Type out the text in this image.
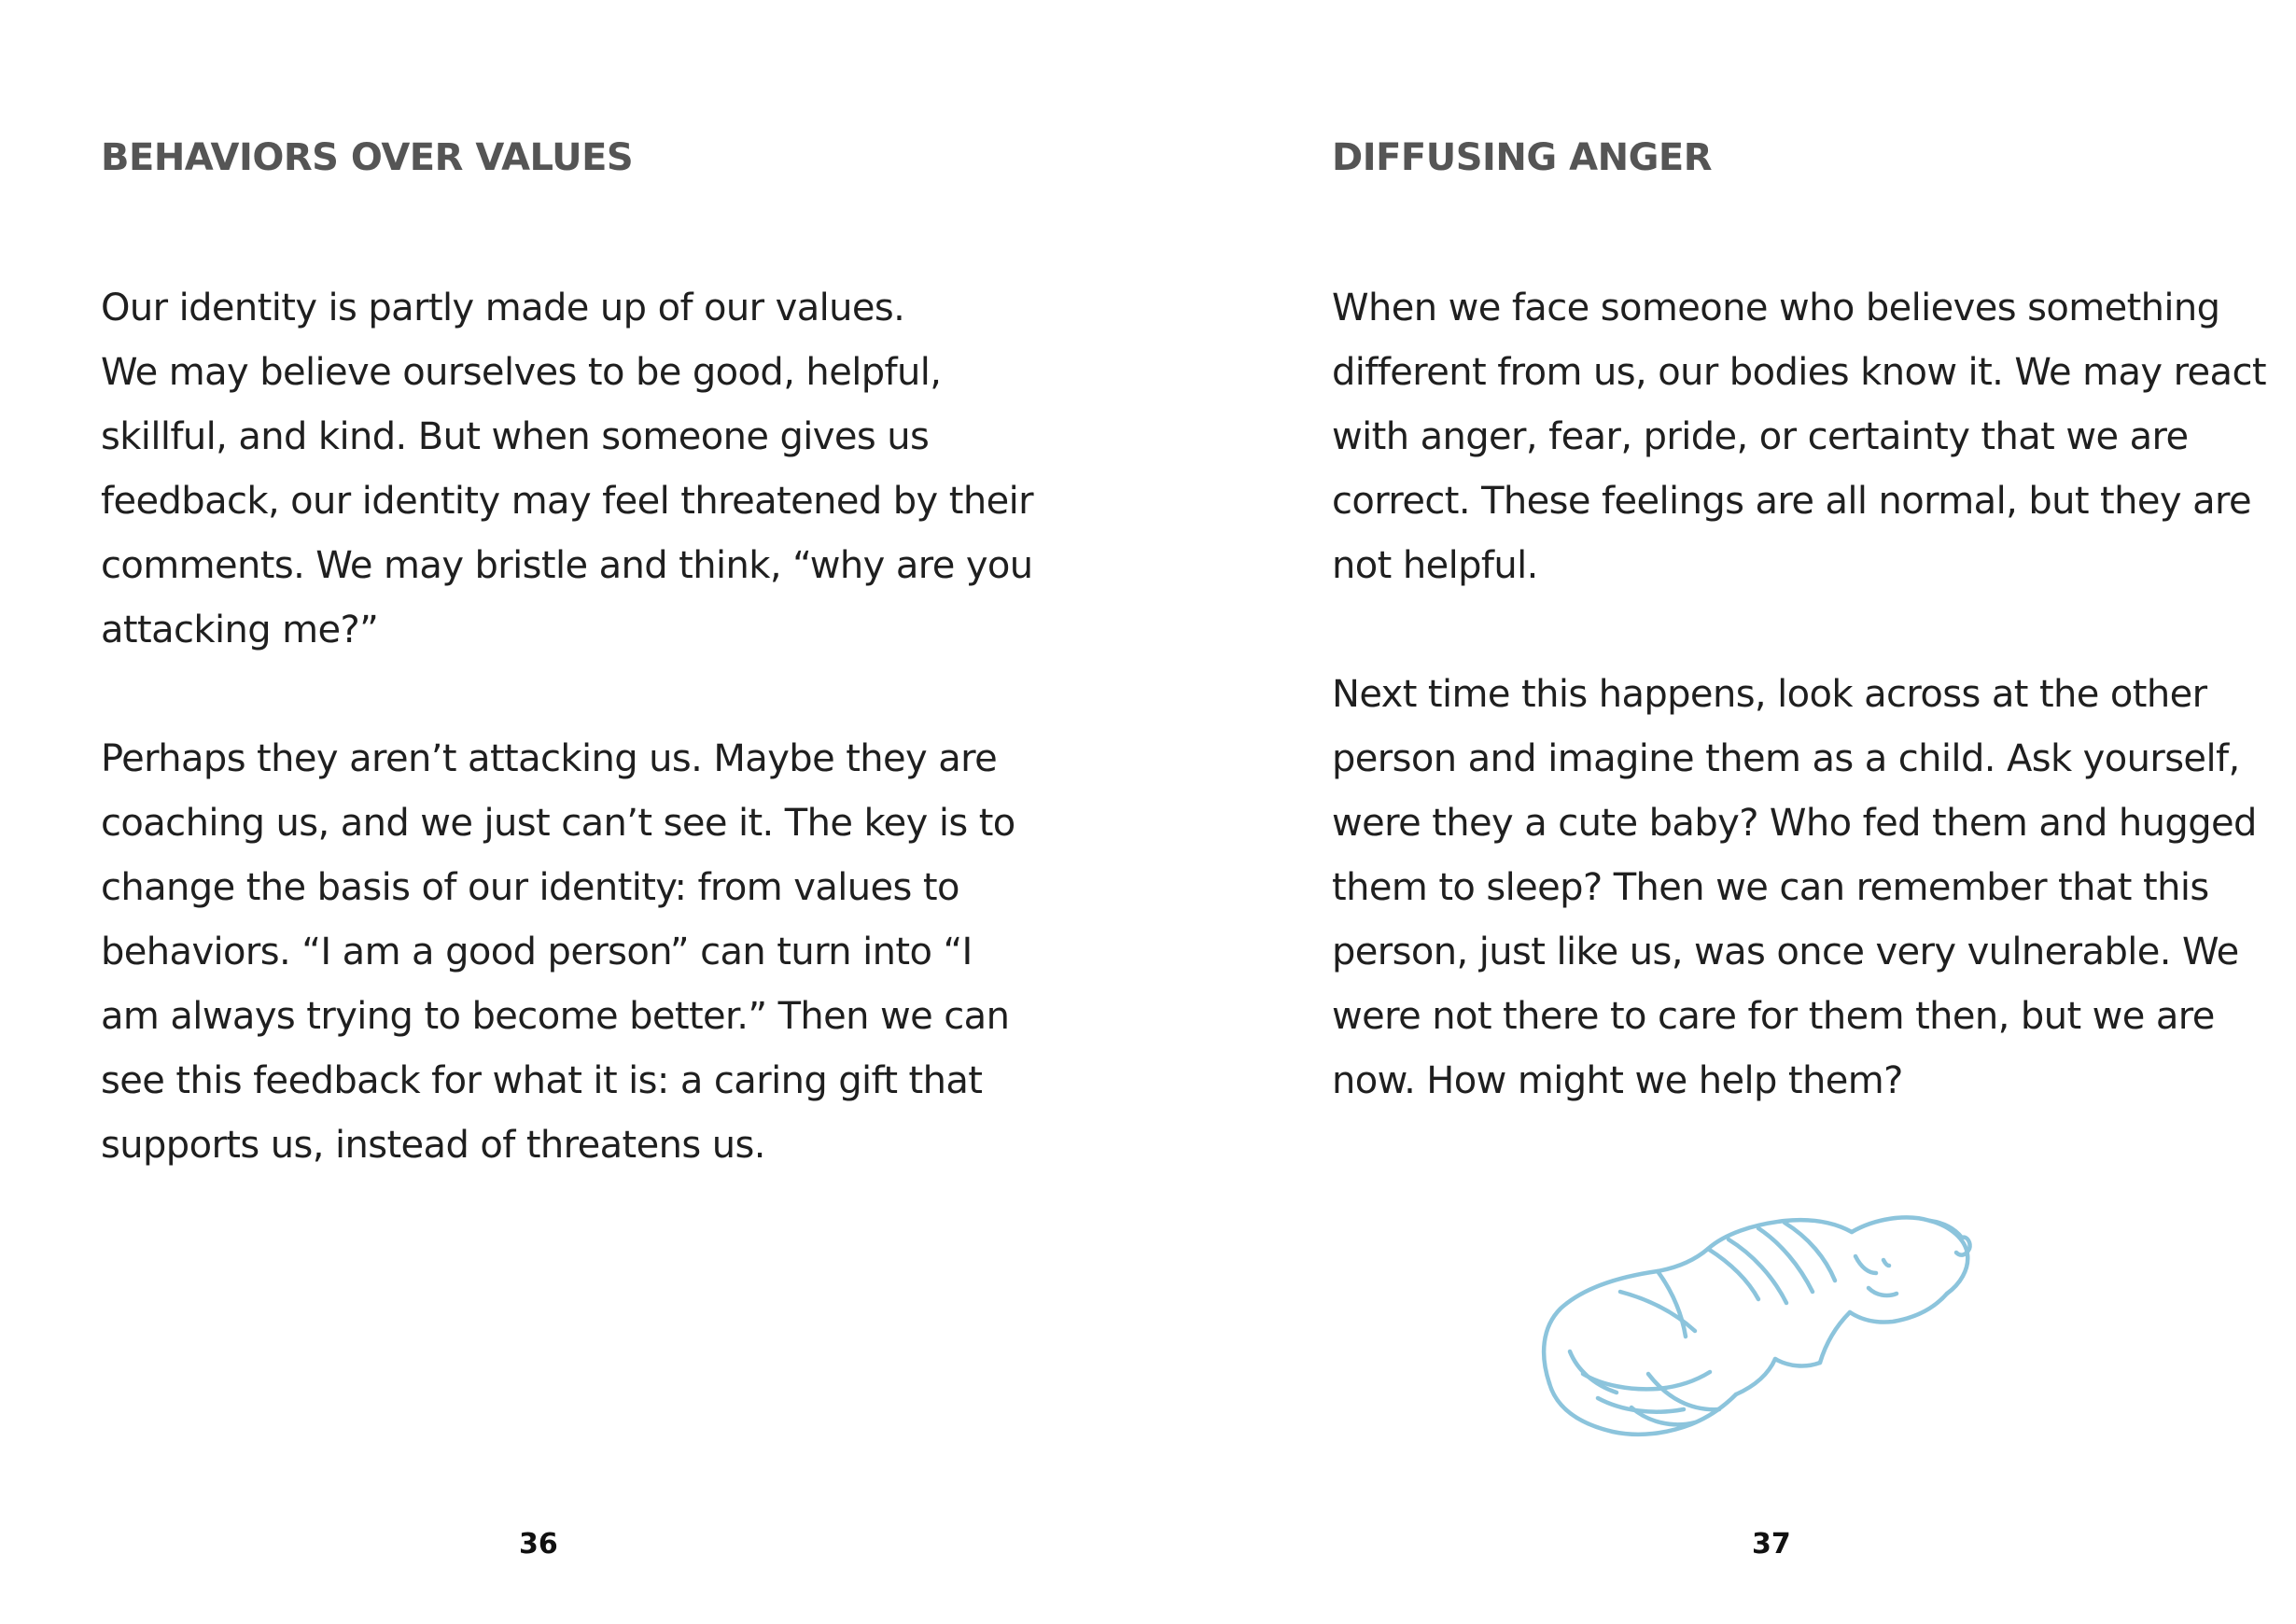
BEHAVIORS OVER VALUES

Our identity is partly made up of our values.
We may believe ourselves to be good, helpful,
skillful, and kind. But when someone gives us
feedback, our identity may feel threatened by their
comments. We may bristle and think, “why are you
attacking me?”

Perhaps they aren’t attacking us. Maybe they are
coaching us, and we just can’t see it. The key is to
change the basis of our identity: from values to
behaviors. “I am a good person” can turn into “I
am always trying to become better.” Then we can
see this feedback for what it is: a caring gift that
supports us, instead of threatens us.

36
DIFFUSING ANGER

When we face someone who believes something
different from us, our bodies know it. We may react
with anger, fear, pride, or certainty that we are
correct. These feelings are all normal, but they are
not helpful.

Next time this happens, look across at the other
person and imagine them as a child. Ask yourself,
were they a cute baby? Who fed them and hugged
them to sleep? Then we can remember that this
person, just like us, was once very vulnerable. We
were not there to care for them then, but we are
now. How might we help them?

37
